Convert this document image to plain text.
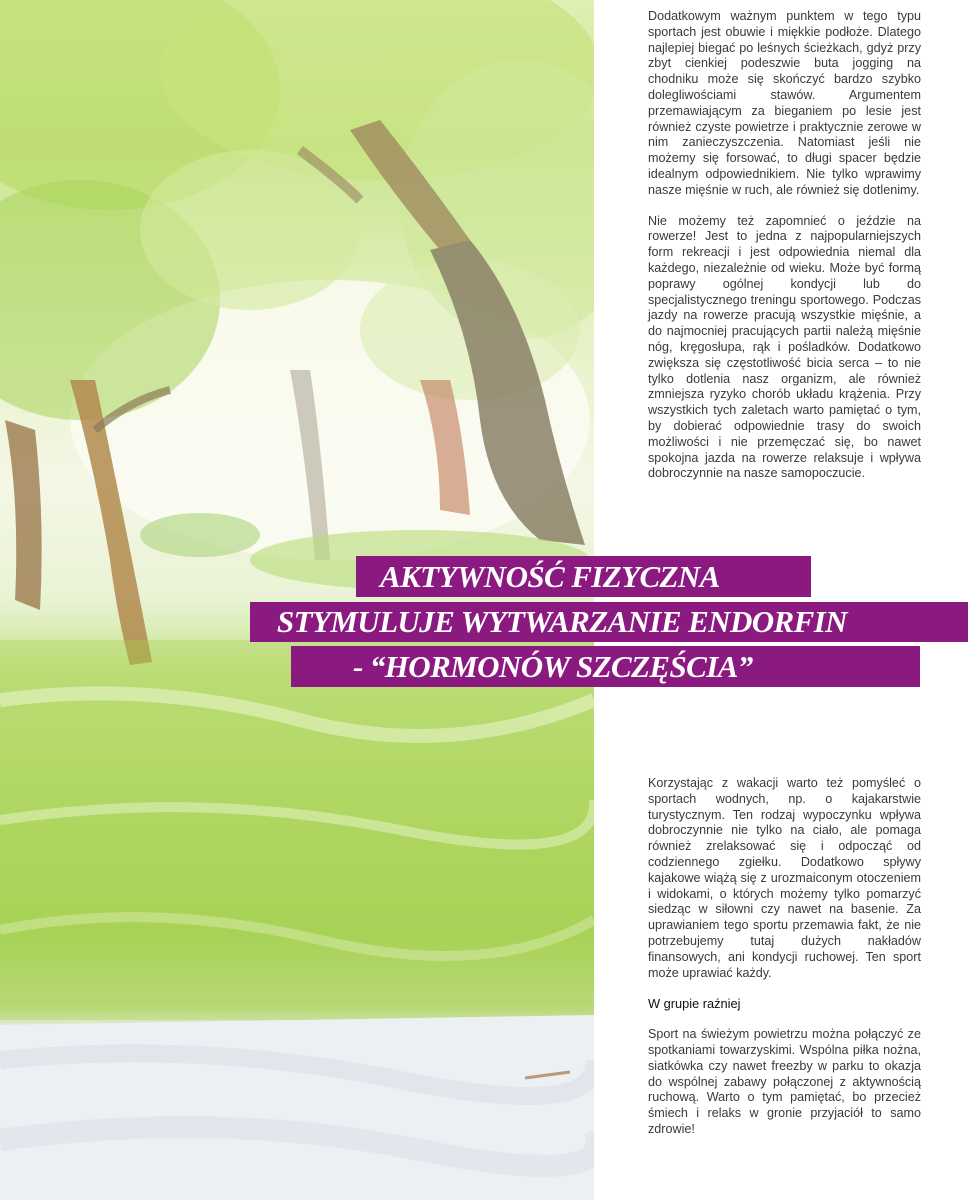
Dodatkowym ważnym punktem w tego typu sportach jest obuwie i miękkie podłoże. Dlatego najlepiej biegać po leśnych ścieżkach, gdyż przy zbyt cienkiej podeszwie buta jogging na chodniku może się skończyć bardzo szybko dolegliwościami stawów. Argumentem przemawiającym za bieganiem po lesie jest również czyste powietrze i praktycznie zerowe w nim zanieczyszczenia. Natomiast jeśli nie możemy się forsować, to długi spacer będzie idealnym odpowiednikiem. Nie tylko wprawimy nasze mięśnie w ruch, ale również się dotlenimy.

Nie możemy też zapomnieć o jeździe na rowerze! Jest to jedna z najpopularniejszych form rekreacji i jest odpowiednia niemal dla każdego, niezależnie od wieku. Może być formą poprawy ogólnej kondycji lub do specjalistycznego treningu sportowego. Podczas jazdy na rowerze pracują wszystkie mięśnie, a do najmocniej pracujących partii należą mięśnie nóg, kręgosłupa, rąk i pośladków. Dodatkowo zwiększa się częstotliwość bicia serca – to nie tylko dotlenia nasz organizm, ale również zmniejsza ryzyko chorób układu krążenia. Przy wszystkich tych zaletach warto pamiętać o tym, by dobierać odpowiednie trasy do swoich możliwości i nie przemęczać się, bo nawet spokojna jazda na rowerze relaksuje i wpływa dobroczynnie na nasze samopoczucie.

AKTYWNOŚĆ FIZYCZNA
STYMULUJE WYTWARZANIE ENDORFIN
- “HORMONÓW SZCZĘŚCIA”

Korzystając z wakacji warto też pomyśleć o sportach wodnych, np. o kajakarstwie turystycznym. Ten rodzaj wypoczynku wpływa dobroczynnie nie tylko na ciało, ale pomaga również zrelaksować się i odpocząć od codziennego zgiełku. Dodatkowo spływy kajakowe wiążą się z urozmaiconym otoczeniem i widokami, o których możemy tylko pomarzyć siedząc w siłowni czy nawet na basenie. Za uprawianiem tego sportu przemawia fakt, że nie potrzebujemy tutaj dużych nakładów finansowych, ani kondycji ruchowej. Ten sport może uprawiać każdy.

W grupie raźniej

Sport na świeżym powietrzu można połączyć ze spotkaniami towarzyskimi. Wspólna piłka nożna, siatkówka czy nawet freezby w parku to okazja do wspólnej zabawy połączonej z aktywnością ruchową. Warto o tym pamiętać, bo przecież śmiech i relaks w gronie przyjaciół to samo zdrowie!
